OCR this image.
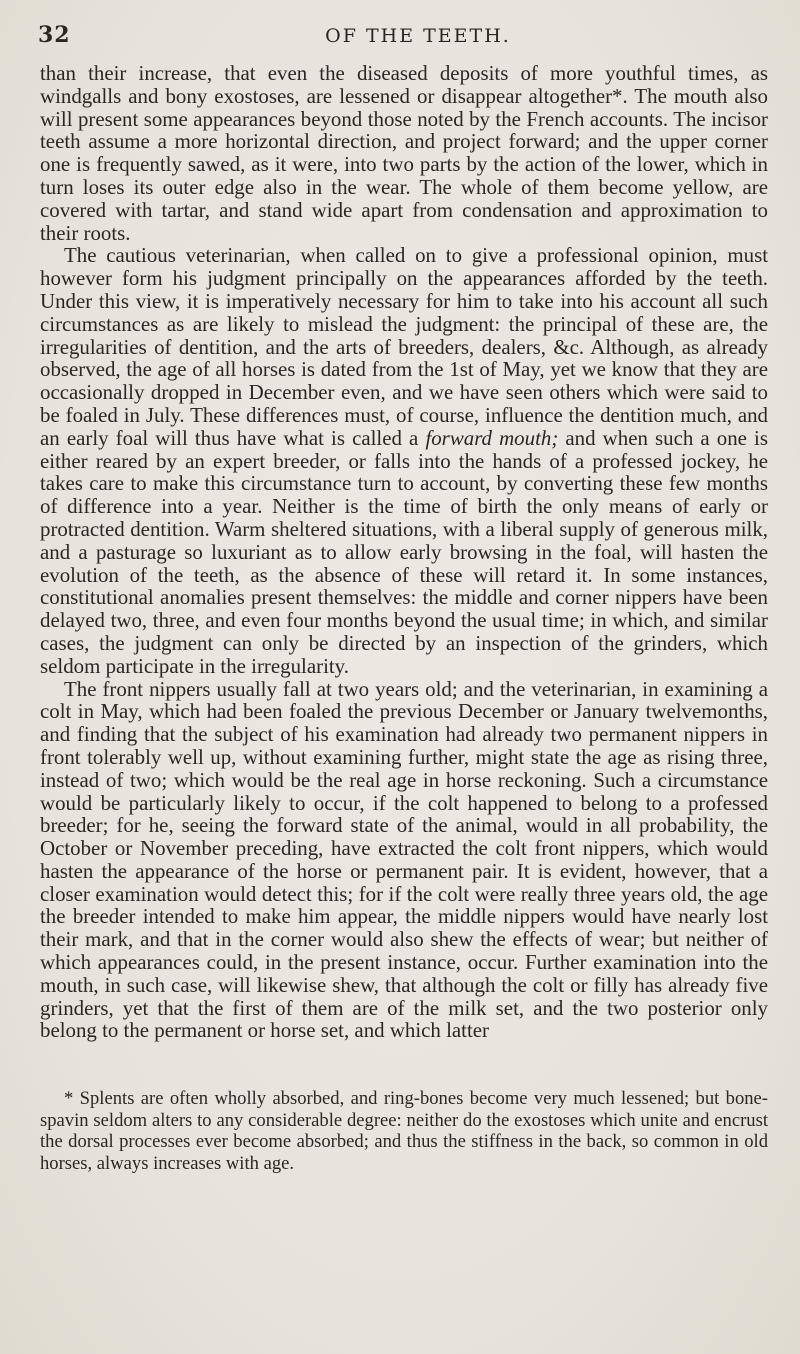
32	OF THE TEETH.

than their increase, that even the diseased deposits of more youthful times, as windgalls and bony exostoses, are lessened or disappear altogether*. The mouth also will present some appearances beyond those noted by the French accounts. The incisor teeth assume a more horizontal direction, and project forward; and the upper corner one is frequently sawed, as it were, into two parts by the action of the lower, which in turn loses its outer edge also in the wear. The whole of them become yellow, are covered with tartar, and stand wide apart from condensation and approximation to their roots.

The cautious veterinarian, when called on to give a professional opinion, must however form his judgment principally on the appearances afforded by the teeth. Under this view, it is imperatively necessary for him to take into his account all such circumstances as are likely to mislead the judgment: the principal of these are, the irregularities of dentition, and the arts of breeders, dealers, &c. Although, as already observed, the age of all horses is dated from the 1st of May, yet we know that they are occasionally dropped in December even, and we have seen others which were said to be foaled in July. These differences must, of course, influence the dentition much, and an early foal will thus have what is called a forward mouth; and when such a one is either reared by an expert breeder, or falls into the hands of a professed jockey, he takes care to make this circumstance turn to account, by converting these few months of difference into a year. Neither is the time of birth the only means of early or protracted dentition. Warm sheltered situations, with a liberal supply of generous milk, and a pasturage so luxuriant as to allow early browsing in the foal, will hasten the evolution of the teeth, as the absence of these will retard it. In some instances, constitutional anomalies present themselves: the middle and corner nippers have been delayed two, three, and even four months beyond the usual time; in which, and similar cases, the judgment can only be directed by an inspection of the grinders, which seldom participate in the irregularity.

The front nippers usually fall at two years old; and the veterinarian, in examining a colt in May, which had been foaled the previous December or January twelvemonths, and finding that the subject of his examination had already two permanent nippers in front tolerably well up, without examining further, might state the age as rising three, instead of two; which would be the real age in horse reckoning. Such a circumstance would be particularly likely to occur, if the colt happened to belong to a professed breeder; for he, seeing the forward state of the animal, would in all probability, the October or November preceding, have extracted the colt front nippers, which would hasten the appearance of the horse or permanent pair. It is evident, however, that a closer examination would detect this; for if the colt were really three years old, the age the breeder intended to make him appear, the middle nippers would have nearly lost their mark, and that in the corner would also shew the effects of wear; but neither of which appearances could, in the present instance, occur. Further examination into the mouth, in such case, will likewise shew, that although the colt or filly has already five grinders, yet that the first of them are of the milk set, and the two posterior only belong to the permanent or horse set, and which latter

* Splents are often wholly absorbed, and ring-bones become very much lessened; but bone-spavin seldom alters to any considerable degree: neither do the exostoses which unite and encrust the dorsal processes ever become absorbed; and thus the stiffness in the back, so common in old horses, always increases with age.
